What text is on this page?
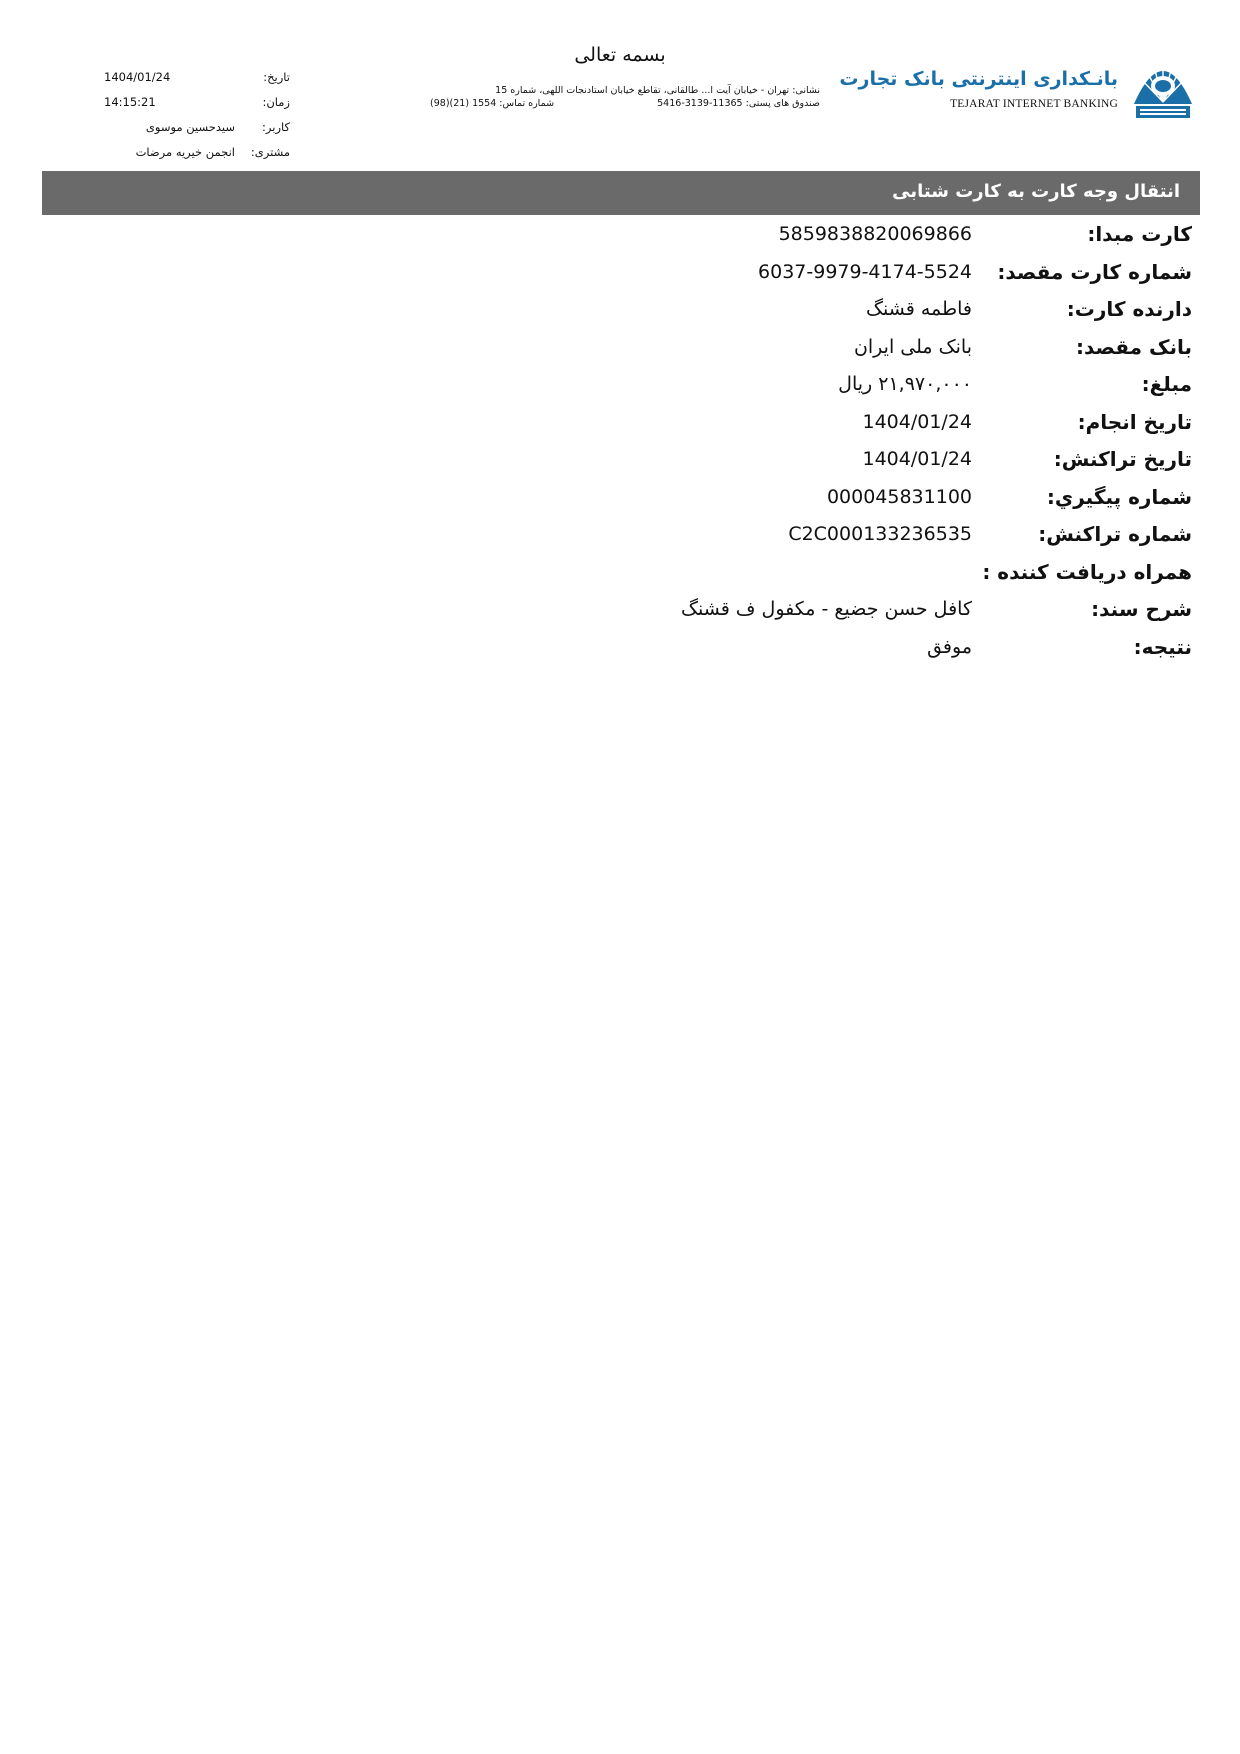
بسمه تعالی
نشانی: تهران - خیابان آیت ا... طالقانی، تقاطع خیابان استادنجات اللهی، شماره 15
صندوق های پستی: 11365-3139-5416
شماره تماس: 1554 (21)(98)
بانـکداری اینترنتی بانک تجارت
TEJARAT INTERNET BANKING
تاریخ:
1404/01/24
زمان:
14:15:21
کاربر:
سیدحسین موسوی
مشتری:
انجمن خیریه مرضات
انتقال وجه کارت به کارت شتابی
کارت مبدا:
5859838820069866
شماره کارت مقصد:
6037-9979-4174-5524
دارنده کارت:
فاطمه قشنگ
بانک مقصد:
بانک ملی ایران
مبلغ:
۲۱,۹۷۰,۰۰۰ ریال
تاریخ انجام:
1404/01/24
تاریخ تراکنش:
1404/01/24
شماره پيگيري:
000045831100
شماره تراکنش:
C2C000133236535
همراه دریافت کننده :
شرح سند:
کافل حسن جضیع - مکفول ف قشنگ
نتیجه:
موفق
